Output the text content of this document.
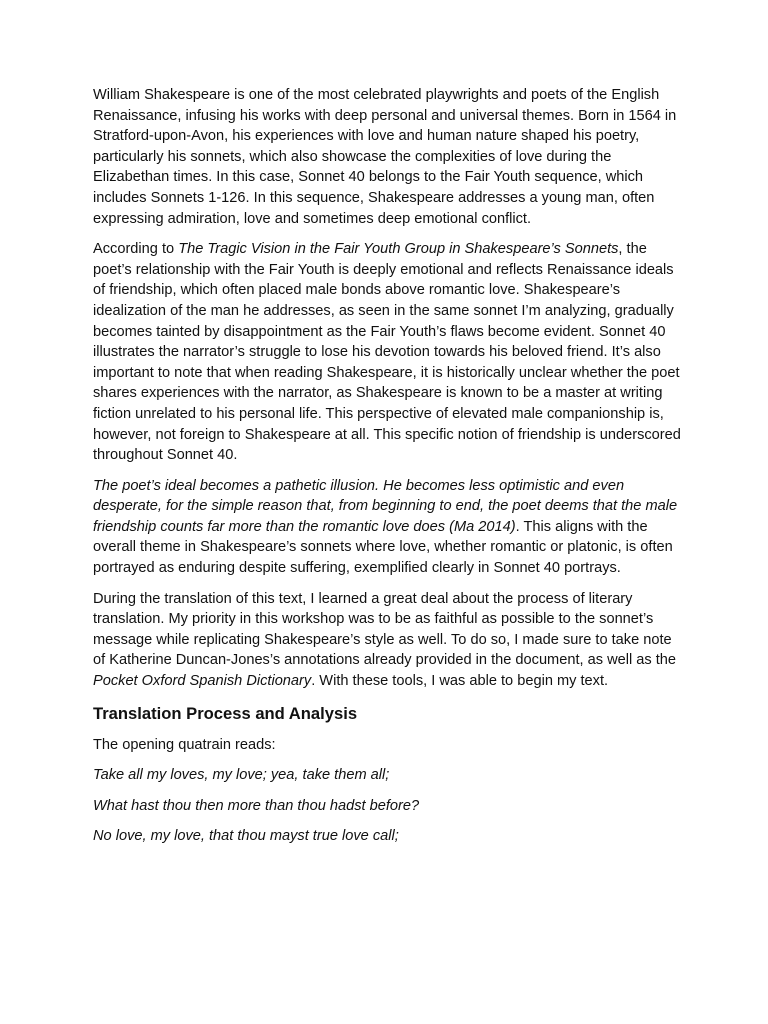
William Shakespeare is one of the most celebrated playwrights and poets of the English Renaissance, infusing his works with deep personal and universal themes. Born in 1564 in Stratford-upon-Avon, his experiences with love and human nature shaped his poetry, particularly his sonnets, which also showcase the complexities of love during the Elizabethan times. In this case, Sonnet 40 belongs to the Fair Youth sequence, which includes Sonnets 1-126. In this sequence, Shakespeare addresses a young man, often expressing admiration, love and sometimes deep emotional conflict.

According to The Tragic Vision in the Fair Youth Group in Shakespeare’s Sonnets, the poet’s relationship with the Fair Youth is deeply emotional and reflects Renaissance ideals of friendship, which often placed male bonds above romantic love. Shakespeare’s idealization of the man he addresses, as seen in the same sonnet I’m analyzing, gradually becomes tainted by disappointment as the Fair Youth’s flaws become evident. Sonnet 40 illustrates the narrator’s struggle to lose his devotion towards his beloved friend. It’s also important to note that when reading Shakespeare, it is historically unclear whether the poet shares experiences with the narrator, as Shakespeare is known to be a master at writing fiction unrelated to his personal life. This perspective of elevated male companionship is, however, not foreign to Shakespeare at all. This specific notion of friendship is underscored throughout Sonnet 40.

The poet’s ideal becomes a pathetic illusion. He becomes less optimistic and even desperate, for the simple reason that, from beginning to end, the poet deems that the male friendship counts far more than the romantic love does (Ma 2014). This aligns with the overall theme in Shakespeare’s sonnets where love, whether romantic or platonic, is often portrayed as enduring despite suffering, exemplified clearly in Sonnet 40 portrays.

During the translation of this text, I learned a great deal about the process of literary translation. My priority in this workshop was to be as faithful as possible to the sonnet’s message while replicating Shakespeare’s style as well. To do so, I made sure to take note of Katherine Duncan-Jones’s annotations already provided in the document, as well as the Pocket Oxford Spanish Dictionary. With these tools, I was able to begin my text.

Translation Process and Analysis

The opening quatrain reads:

Take all my loves, my love; yea, take them all;
What hast thou then more than thou hadst before?
No love, my love, that thou mayst true love call;
